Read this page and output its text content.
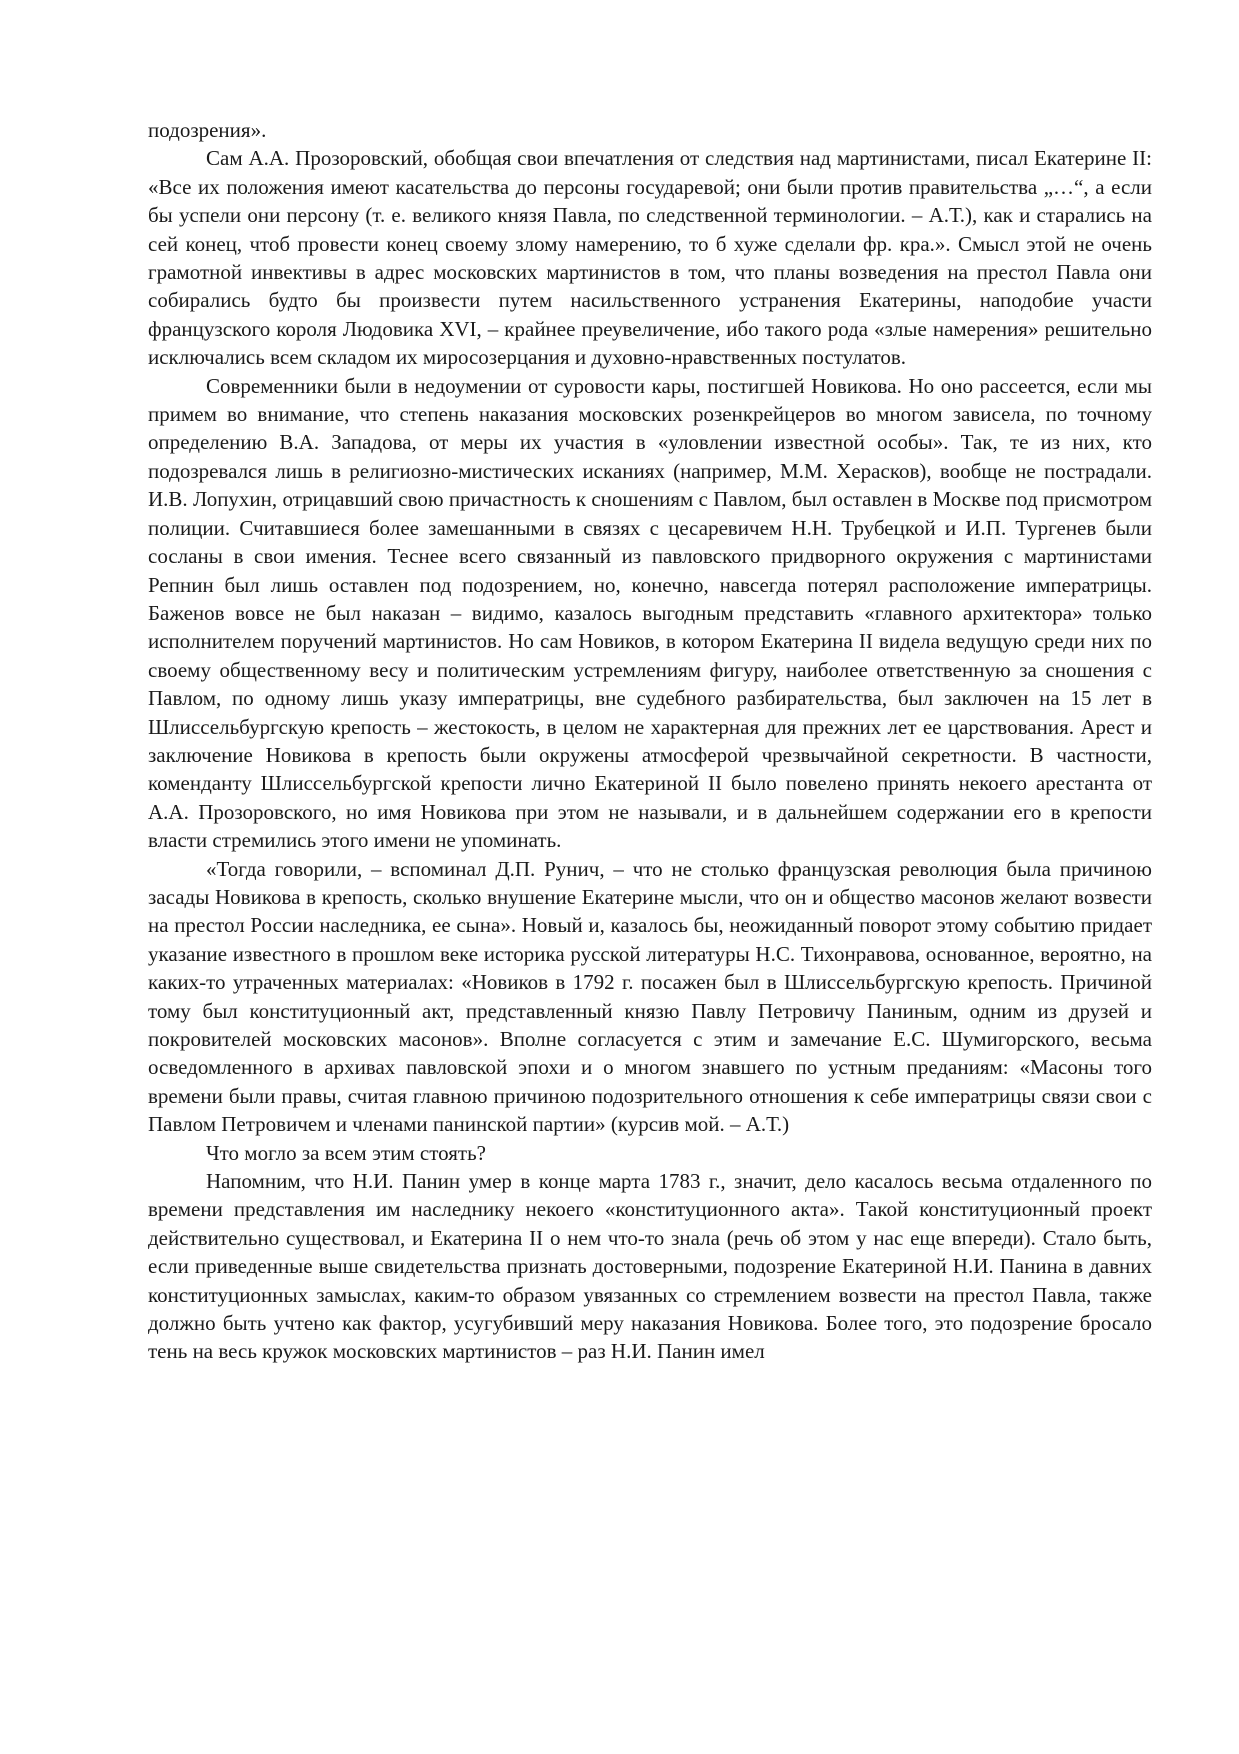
подозрения».

Сам А.А. Прозоровский, обобщая свои впечатления от следствия над мартинистами, писал Екатерине II: «Все их положения имеют касательства до персоны государевой; они были против правительства „…“, а если бы успели они персону (т. е. великого князя Павла, по следственной терминологии. – А.Т.), как и старались на сей конец, чтоб провести конец своему злому намерению, то б хуже сделали фр. кра.». Смысл этой не очень грамотной инвективы в адрес московских мартинистов в том, что планы возведения на престол Павла они собирались будто бы произвести путем насильственного устранения Екатерины, наподобие участи французского короля Людовика XVI, – крайнее преувеличение, ибо такого рода «злые намерения» решительно исключались всем складом их миросозерцания и духовно-нравственных постулатов.

Современники были в недоумении от суровости кары, постигшей Новикова. Но оно рассеется, если мы примем во внимание, что степень наказания московских розенкрейцеров во многом зависела, по точному определению В.А. Западова, от меры их участия в «уловлении известной особы». Так, те из них, кто подозревался лишь в религиозно-мистических исканиях (например, М.М. Херасков), вообще не пострадали. И.В. Лопухин, отрицавший свою причастность к сношениям с Павлом, был оставлен в Москве под присмотром полиции. Считавшиеся более замешанными в связях с цесаревичем Н.Н. Трубецкой и И.П. Тургенев были сосланы в свои имения. Теснее всего связанный из павловского придворного окружения с мартинистами Репнин был лишь оставлен под подозрением, но, конечно, навсегда потерял расположение императрицы. Баженов вовсе не был наказан – видимо, казалось выгодным представить «главного архитектора» только исполнителем поручений мартинистов. Но сам Новиков, в котором Екатерина II видела ведущую среди них по своему общественному весу и политическим устремлениям фигуру, наиболее ответственную за сношения с Павлом, по одному лишь указу императрицы, вне судебного разбирательства, был заключен на 15 лет в Шлиссельбургскую крепость – жестокость, в целом не характерная для прежних лет ее царствования. Арест и заключение Новикова в крепость были окружены атмосферой чрезвычайной секретности. В частности, коменданту Шлиссельбургской крепости лично Екатериной II было повелено принять некоего арестанта от А.А. Прозоровского, но имя Новикова при этом не называли, и в дальнейшем содержании его в крепости власти стремились этого имени не упоминать.

«Тогда говорили, – вспоминал Д.П. Рунич, – что не столько французская революция была причиною засады Новикова в крепость, сколько внушение Екатерине мысли, что он и общество масонов желают возвести на престол России наследника, ее сына». Новый и, казалось бы, неожиданный поворот этому событию придает указание известного в прошлом веке историка русской литературы Н.С. Тихонравова, основанное, вероятно, на каких-то утраченных материалах: «Новиков в 1792 г. посажен был в Шлиссельбургскую крепость. Причиной тому был конституционный акт, представленный князю Павлу Петровичу Паниным, одним из друзей и покровителей московских масонов». Вполне согласуется с этим и замечание Е.С. Шумигорского, весьма осведомленного в архивах павловской эпохи и о многом знавшего по устным преданиям: «Масоны того времени были правы, считая главною причиною подозрительного отношения к себе императрицы связи свои с Павлом Петровичем и членами панинской партии» (курсив мой. – А.Т.)

Что могло за всем этим стоять?

Напомним, что Н.И. Панин умер в конце марта 1783 г., значит, дело касалось весьма отдаленного по времени представления им наследнику некоего «конституционного акта». Такой конституционный проект действительно существовал, и Екатерина II о нем что-то знала (речь об этом у нас еще впереди). Стало быть, если приведенные выше свидетельства признать достоверными, подозрение Екатериной Н.И. Панина в давних конституционных замыслах, каким-то образом увязанных со стремлением возвести на престол Павла, также должно быть учтено как фактор, усугубивший меру наказания Новикова. Более того, это подозрение бросало тень на весь кружок московских мартинистов – раз Н.И. Панин имел
